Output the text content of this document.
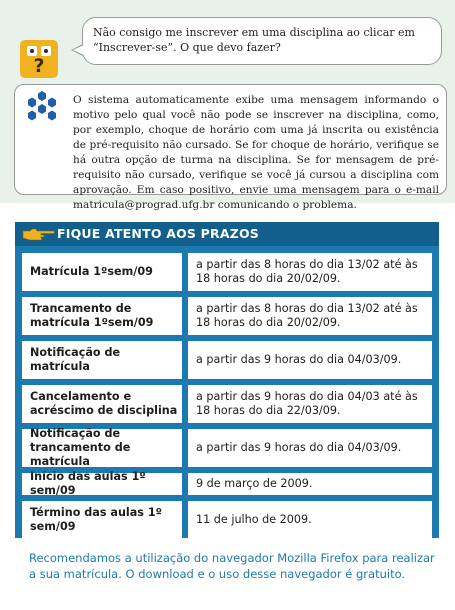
?
Não consigo me inscrever em uma disciplina ao clicar em “Inscrever-se”. O que devo fazer?
O sistema automaticamente exibe uma mensagem informando o motivo pelo qual você não pode se inscrever na disciplina, como, por exemplo, choque de horário com uma já inscrita ou existência de pré-requisito não cursado. Se for choque de horário, verifique se há outra opção de turma na disciplina. Se for mensagem de pré-requisito não cursado, verifique se você já cursou a disciplina com aprovação. Em caso positivo, envie uma mensagem para o e-mail matricula@prograd.ufg.br comunicando o problema.
FIQUE ATENTO AOS PRAZOS
Matrícula 1ºsem/09
a partir das 8 horas do dia 13/02 até às 18 horas do dia 20/02/09.
Trancamento de matrícula 1ºsem/09
a partir das 8 horas do dia 13/02 até às 18 horas do dia 20/02/09.
Notificação de matrícula
a partir das 9 horas do dia 04/03/09.
Cancelamento e acréscimo de disciplina
a partir das 9 horas do dia 04/03 até às 18 horas do dia 22/03/09.
Notificação de trancamento de matrícula
a partir das 9 horas do dia 04/03/09.
Início das aulas 1º sem/09
9 de março de 2009.
Término das aulas 1º sem/09
11 de julho de 2009.
Recomendamos a utilização do navegador Mozilla Firefox para realizar a sua matrícula. O download e o uso desse navegador é gratuito.
